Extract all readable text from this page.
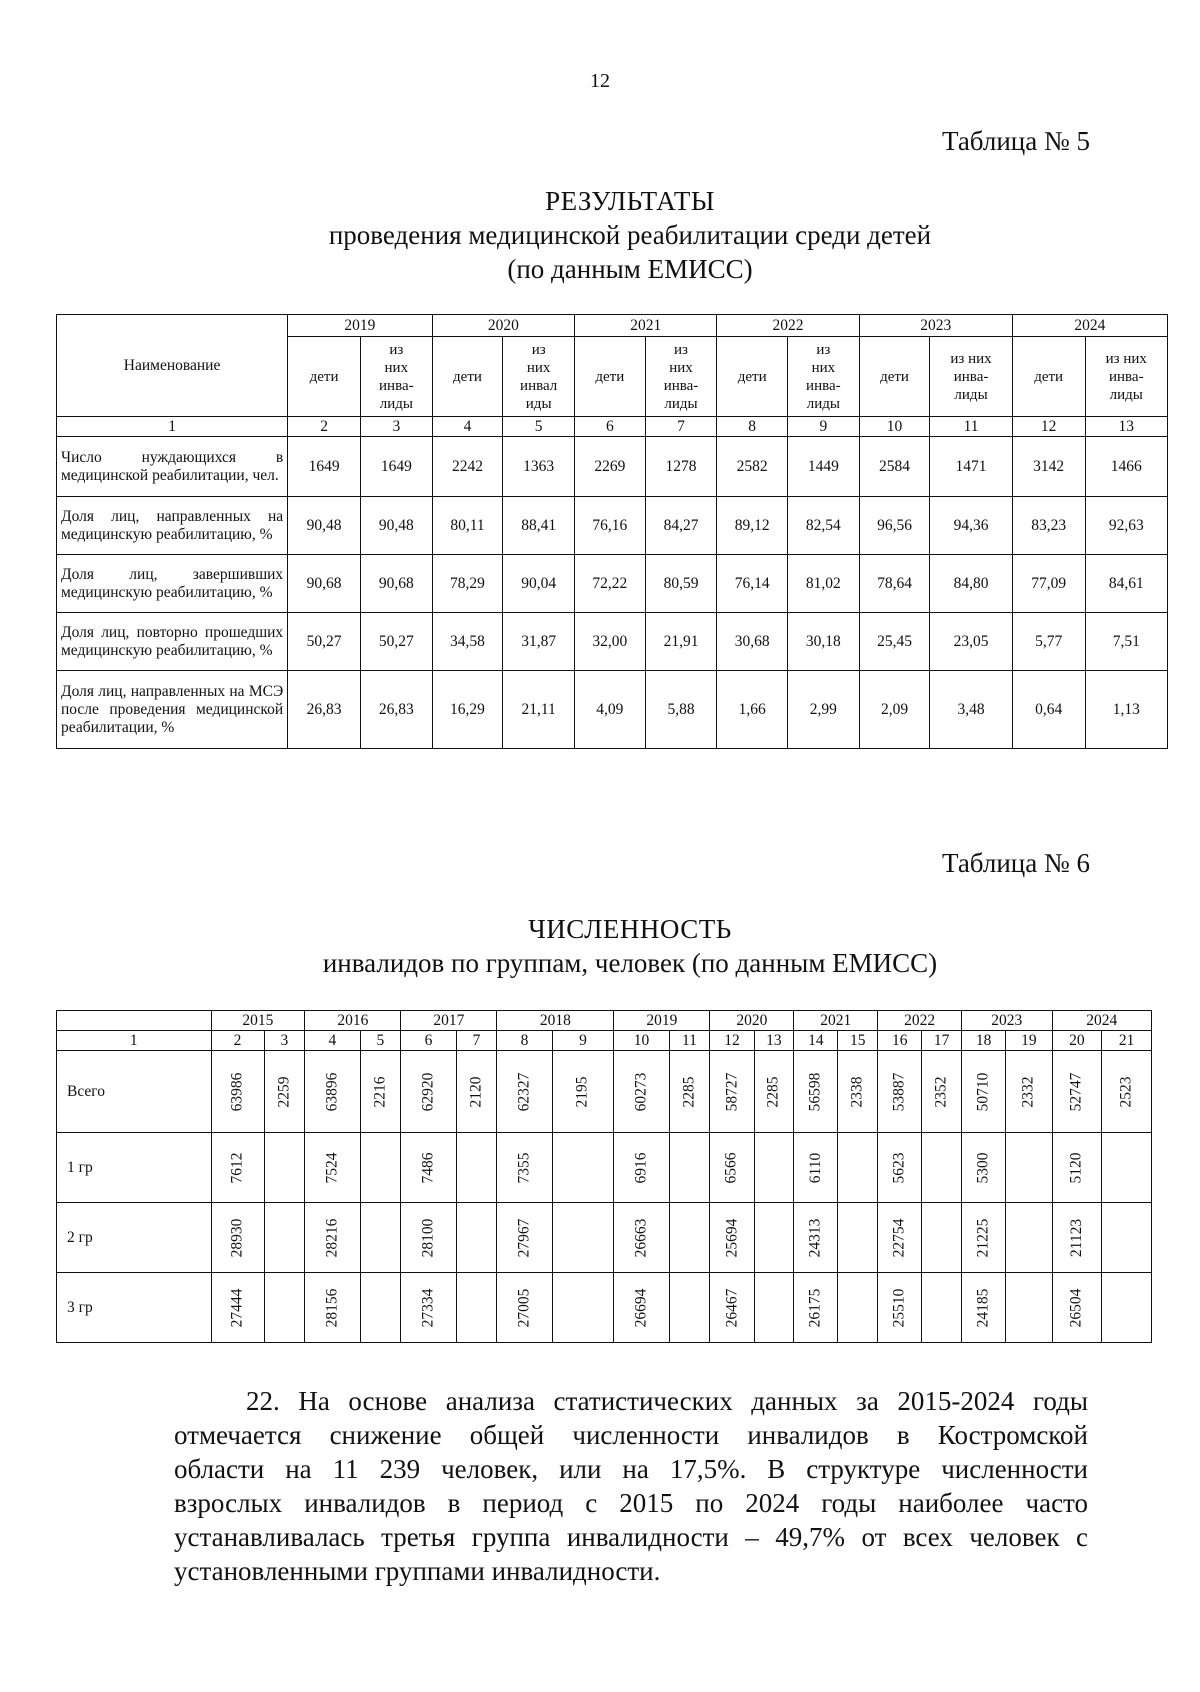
12
Таблица № 5
РЕЗУЛЬТАТЫ
проведения медицинской реабилитации среди детей
(по данным ЕМИСС)
Наименование	2019		2020		2021		2022		2023		2024	
	дети	из
них
инва-
лиды	дети	из
них
инвал
иды	дети	из
них
инва-
лиды	дети	из
них
инва-
лиды	дети	из них
инва-
лиды	дети	из них
инва-
лиды
1	2	3	4	5	6	7	8	9	10	11	12	13
Число нуждающихся в медицинской реабилитации, чел.	1649	1649	2242	1363	2269	1278	2582	1449	2584	1471	3142	1466
Доля лиц, направленных на медицинскую реабилитацию, %	90,48	90,48	80,11	88,41	76,16	84,27	89,12	82,54	96,56	94,36	83,23	92,63
Доля лиц, завершивших медицинскую реабилитацию, %	90,68	90,68	78,29	90,04	72,22	80,59	76,14	81,02	78,64	84,80	77,09	84,61
Доля лиц, повторно прошедших медицинскую реабилитацию, %	50,27	50,27	34,58	31,87	32,00	21,91	30,68	30,18	25,45	23,05	5,77	7,51
Доля лиц, направленных на МСЭ после проведения медицинской реабилитации, %	26,83	26,83	16,29	21,11	4,09	5,88	1,66	2,99	2,09	3,48	0,64	1,13
Таблица № 6
ЧИСЛЕННОСТЬ
инвалидов по группам, человек (по данным ЕМИСС)
	2015		2016		2017		2018		2019		2020		2021		2022		2023		2024	
1	2	3	4	5	6	7	8	9	10	11	12	13	14	15	16	17	18	19	20	21
Всего	63986	2259	63896	2216	62920	2120	62327	2195	60273	2285	58727	2285	56598	2338	53887	2352	50710	2332	52747	2523
1 гр	7612		7524		7486		7355		6916		6566		6110		5623		5300		5120	
2 гр	28930		28216		28100		27967		26663		25694		24313		22754		21225		21123	
3 гр	27444		28156		27334		27005		26694		26467		26175		25510		24185		26504	
22. На основе анализа статистических данных за 2015-2024 годы
отмечается снижение общей численности инвалидов в Костромской
области на 11 239 человек, или на 17,5%. В структуре численности
взрослых инвалидов в период с 2015 по 2024 годы наиболее часто
устанавливалась третья группа инвалидности – 49,7% от всех человек с
установленными группами инвалидности.
